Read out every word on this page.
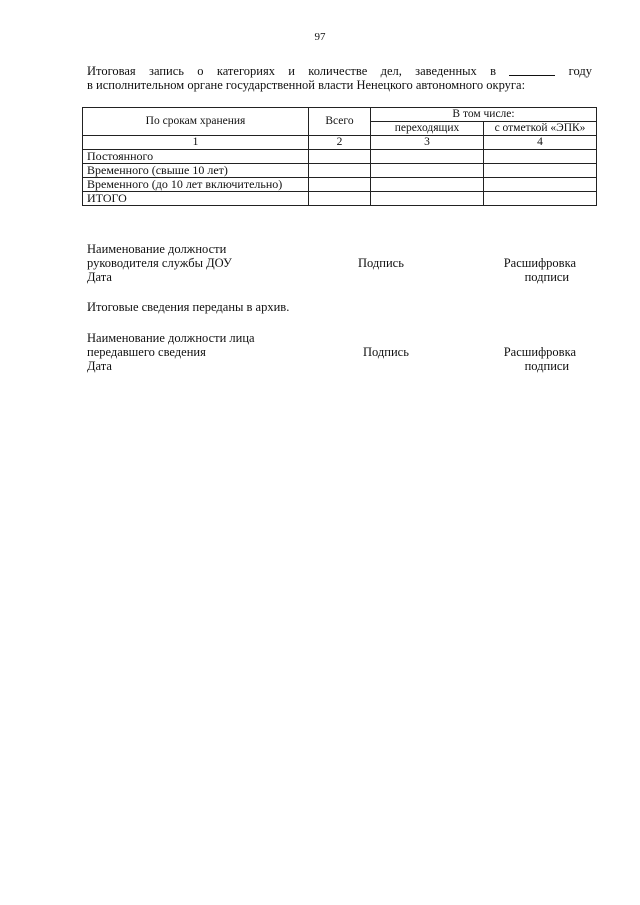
97
Итоговая запись о категориях и количестве дел, заведенных в	году
в исполнительном органе государственной власти Ненецкого автономного округа:
По срокам хранения	Всего	В том числе:	
		переходящих	с отметкой «ЭПК»
1	2	3	4
Постоянного			
Временного (свыше 10 лет)			
Временного (до 10 лет включительно)			
ИТОГО			
Наименование должности
руководителя службы ДОУ
Дата
Подпись	Расшифровка
подписи
Итоговые сведения переданы в архив.
Наименование должности лица
передавшего сведения
Дата
Подпись	Расшифровка
подписи
